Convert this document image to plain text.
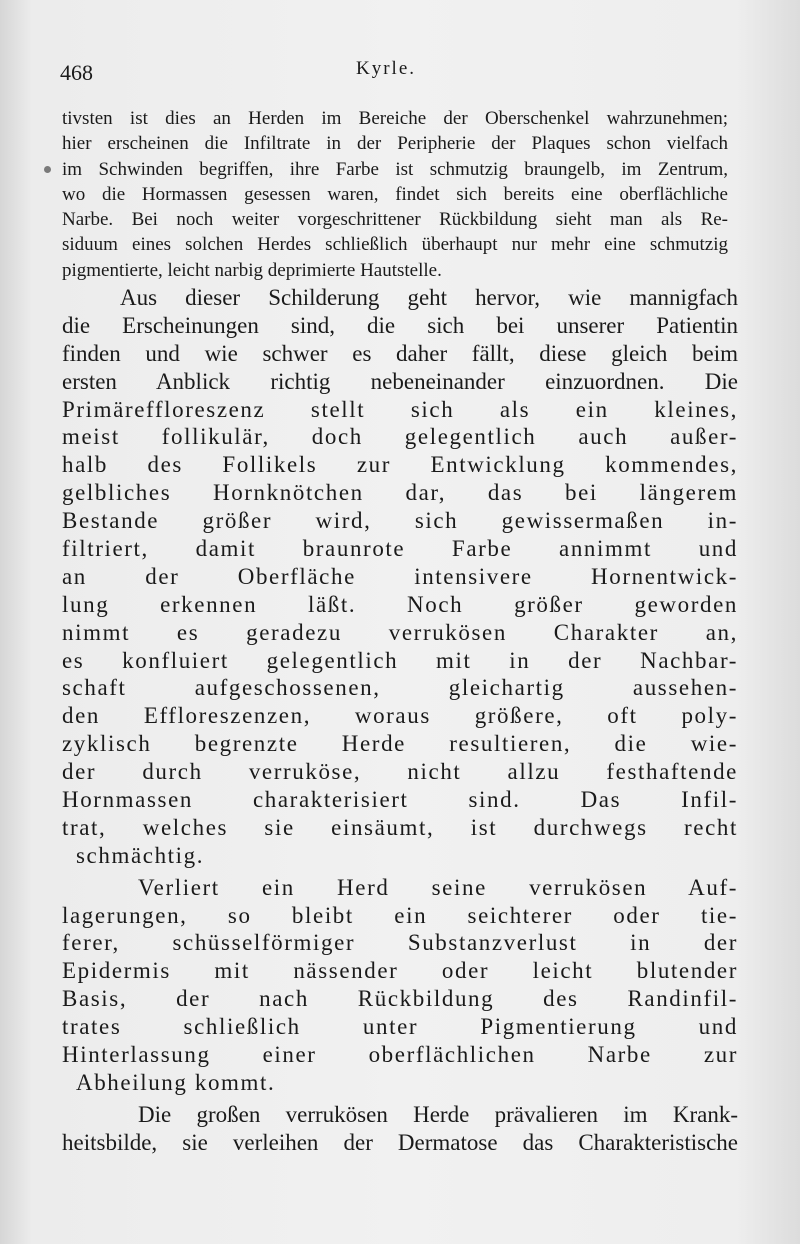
468	Kyrle.
tivsten ist dies an Herden im Bereiche der Oberschenkel wahrzunehmen;
hier erscheinen die Infiltrate in der Peripherie der Plaques schon vielfach
im Schwinden begriffen, ihre Farbe ist schmutzig braungelb, im Zentrum,
wo die Hormassen gesessen waren, findet sich bereits eine oberflächliche
Narbe. Bei noch weiter vorgeschrittener Rückbildung sieht man als Re-
siduum eines solchen Herdes schließlich überhaupt nur mehr eine schmutzig
pigmentierte, leicht narbig deprimierte Hautstelle.
Aus dieser Schilderung geht hervor, wie mannigfach
die Erscheinungen sind, die sich bei unserer Patientin
finden und wie schwer es daher fällt, diese gleich beim
ersten Anblick richtig nebeneinander einzuordnen. Die
Primäreffloreszenz stellt sich als ein kleines,
meist follikulär, doch gelegentlich auch außer-
halb des Follikels zur Entwicklung kommendes,
gelbliches Hornknötchen dar, das bei längerem
Bestande größer wird, sich gewissermaßen in-
filtriert, damit braunrote Farbe annimmt und
an der Oberfläche intensivere Hornentwick-
lung erkennen läßt. Noch größer geworden
nimmt es geradezu verrukösen Charakter an,
es konfluiert gelegentlich mit in der Nachbar-
schaft aufgeschossenen, gleichartig aussehen-
den Effloreszenzen, woraus größere, oft poly-
zyklisch begrenzte Herde resultieren, die wie-
der durch verruköse, nicht allzu festhaftende
Hornmassen charakterisiert sind. Das Infil-
trat, welches sie einsäumt, ist durchwegs recht
schmächtig.
Verliert ein Herd seine verrukösen Auf-
lagerungen, so bleibt ein seichterer oder tie-
ferer, schüsselförmiger Substanzverlust in der
Epidermis mit nässender oder leicht blutender
Basis, der nach Rückbildung des Randinfil-
trates schließlich unter Pigmentierung und
Hinterlassung einer oberflächlichen Narbe zur
Abheilung kommt.
Die großen verrukösen Herde prävalieren im Krank-
heitsbilde, sie verleihen der Dermatose das Charakteristische
